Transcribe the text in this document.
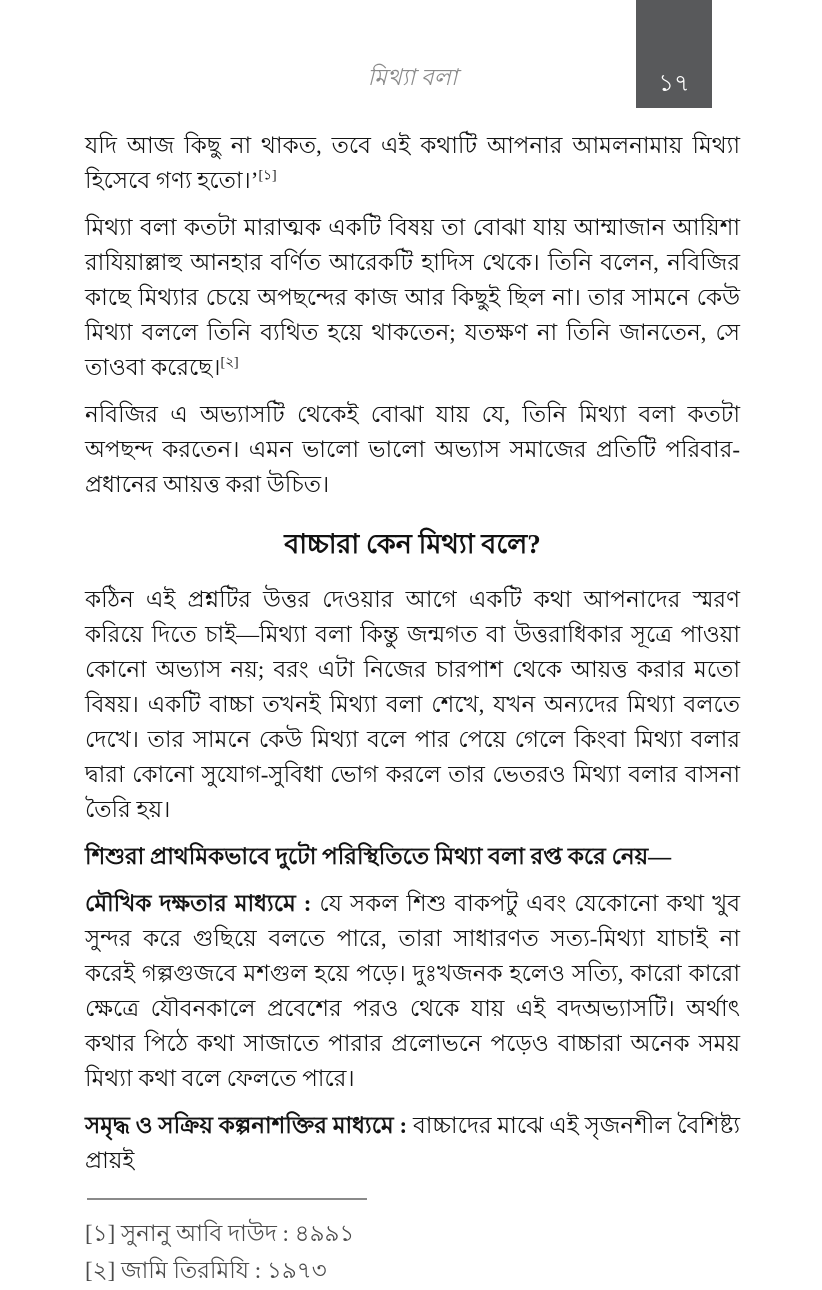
১৭
মিথ্যা বলা

যদি আজ কিছু না থাকত, তবে এই কথাটি আপনার আমলনামায় মিথ্যা হিসেবে গণ্য হতো।’[১]

মিথ্যা বলা কতটা মারাত্মক একটি বিষয় তা বোঝা যায় আম্মাজান আয়িশা রাযিয়াল্লাহু আনহার বর্ণিত আরেকটি হাদিস থেকে। তিনি বলেন, নবিজির কাছে মিথ্যার চেয়ে অপছন্দের কাজ আর কিছুই ছিল না। তার সামনে কেউ মিথ্যা বললে তিনি ব্যথিত হয়ে থাকতেন; যতক্ষণ না তিনি জানতেন, সে তাওবা করেছে।[২]

নবিজির এ অভ্যাসটি থেকেই বোঝা যায় যে, তিনি মিথ্যা বলা কতটা অপছন্দ করতেন। এমন ভালো ভালো অভ্যাস সমাজের প্রতিটি পরিবার-প্রধানের আয়ত্ত করা উচিত।

বাচ্চারা কেন মিথ্যা বলে?

কঠিন এই প্রশ্নটির উত্তর দেওয়ার আগে একটি কথা আপনাদের স্মরণ করিয়ে দিতে চাই—মিথ্যা বলা কিন্তু জন্মগত বা উত্তরাধিকার সূত্রে পাওয়া কোনো অভ্যাস নয়; বরং এটা নিজের চারপাশ থেকে আয়ত্ত করার মতো বিষয়। একটি বাচ্চা তখনই মিথ্যা বলা শেখে, যখন অন্যদের মিথ্যা বলতে দেখে। তার সামনে কেউ মিথ্যা বলে পার পেয়ে গেলে কিংবা মিথ্যা বলার দ্বারা কোনো সুযোগ-সুবিধা ভোগ করলে তার ভেতরও মিথ্যা বলার বাসনা তৈরি হয়।

শিশুরা প্রাথমিকভাবে দুটো পরিস্থিতিতে মিথ্যা বলা রপ্ত করে নেয়—

মৌখিক দক্ষতার মাধ্যমে : যে সকল শিশু বাকপটু এবং যেকোনো কথা খুব সুন্দর করে গুছিয়ে বলতে পারে, তারা সাধারণত সত্য-মিথ্যা যাচাই না করেই গল্পগুজবে মশগুল হয়ে পড়ে। দুঃখজনক হলেও সত্যি, কারো কারো ক্ষেত্রে যৌবনকালে প্রবেশের পরও থেকে যায় এই বদঅভ্যাসটি। অর্থাৎ কথার পিঠে কথা সাজাতে পারার প্রলোভনে পড়েও বাচ্চারা অনেক সময় মিথ্যা কথা বলে ফেলতে পারে।

সমৃদ্ধ ও সক্রিয় কল্পনাশক্তির মাধ্যমে : বাচ্চাদের মাঝে এই সৃজনশীল বৈশিষ্ট্য প্রায়ই

[১] সুনানু আবি দাউদ : ৪৯৯১

[২] জামি তিরমিযি : ১৯৭৩
